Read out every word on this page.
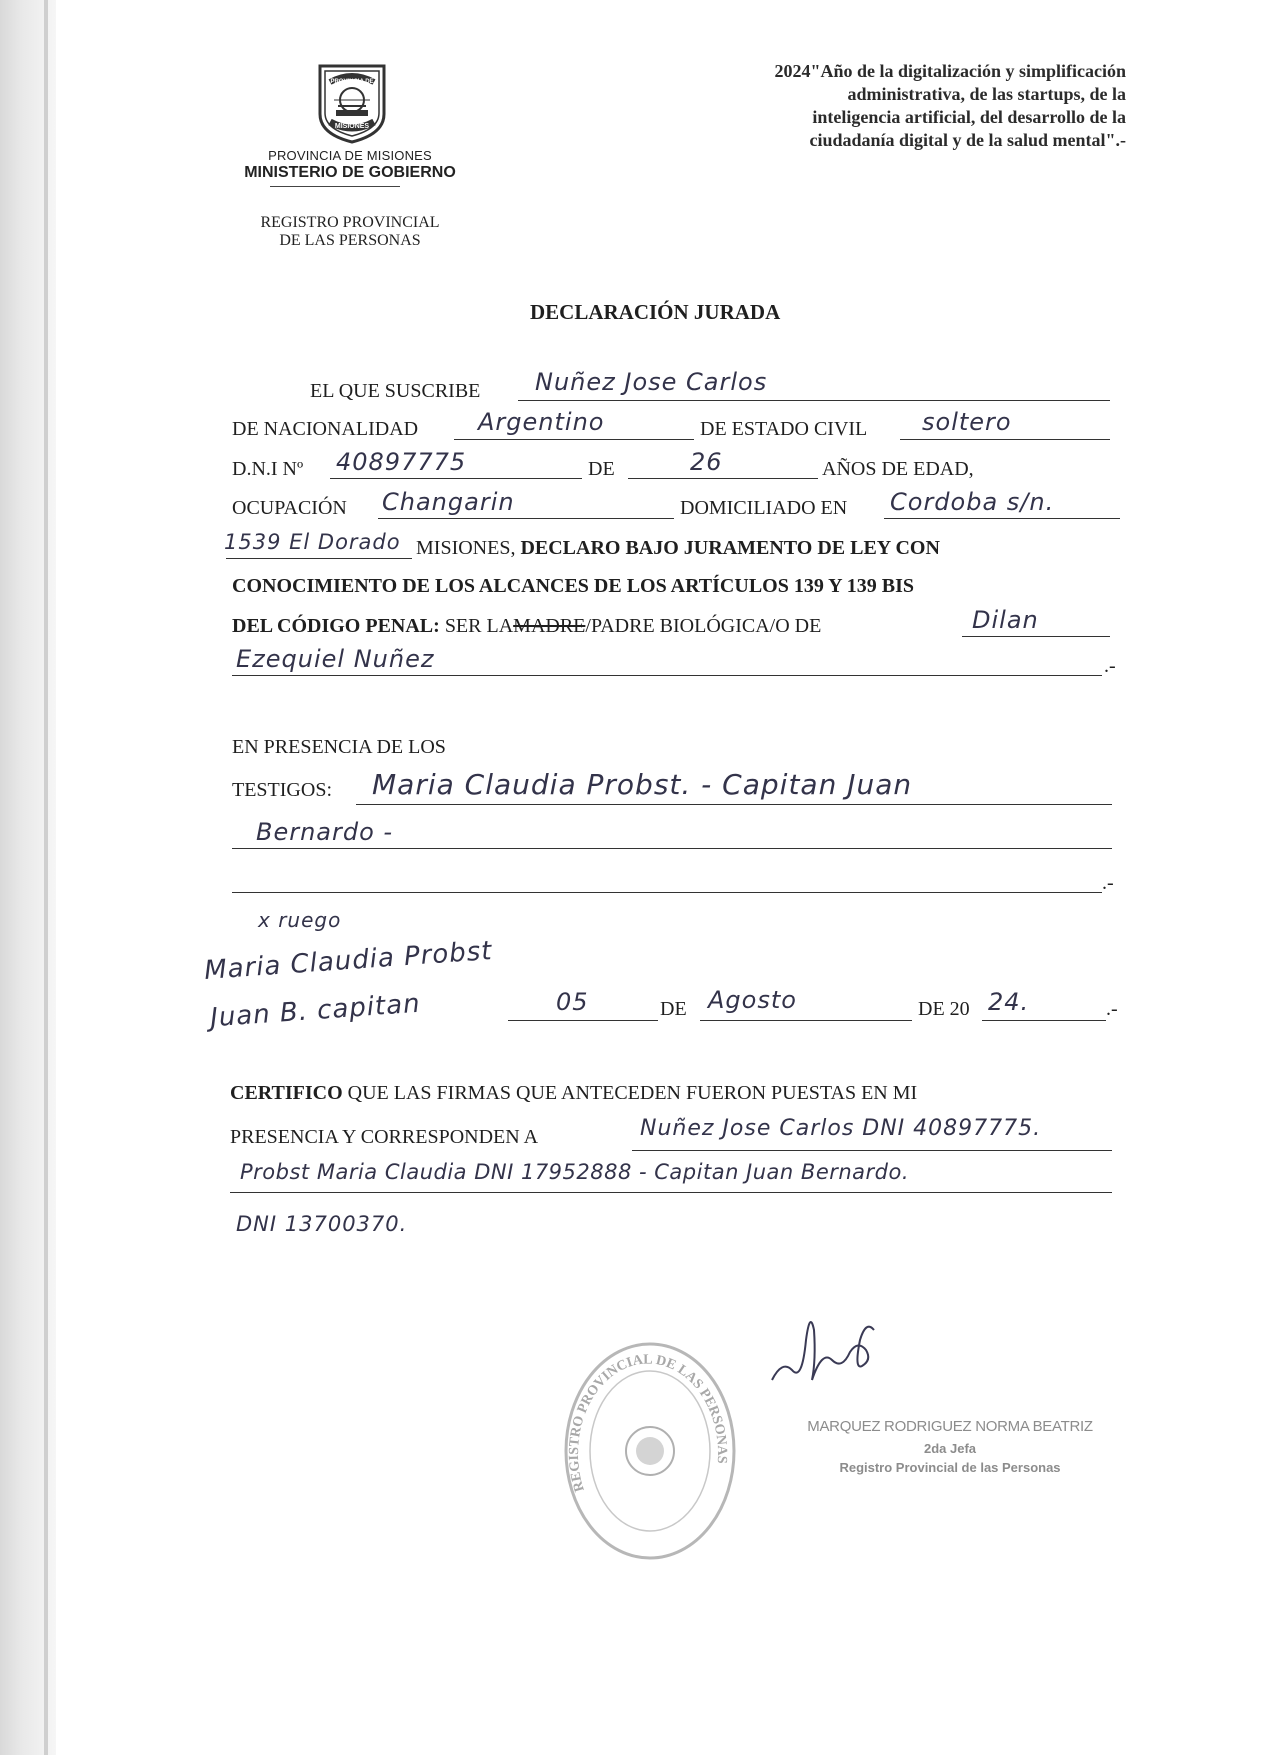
PROVINCIA DE
MISIONES
PROVINCIA DE MISIONES
MINISTERIO DE GOBIERNO
REGISTRO PROVINCIAL
DE LAS PERSONAS
2024"Año de la digitalización y simplificación
administrativa, de las startups, de la
inteligencia artificial, del desarrollo de la
ciudadanía digital y de la salud mental".-
DECLARACIÓN JURADA
EL QUE SUSCRIBE Nuñez Jose Carlos
DE NACIONALIDAD Argentino	DE ESTADO CIVIL soltero
D.N.I Nº 40897775	DE	26	AÑOS DE EDAD,
OCUPACIÓN Changarin	DOMICILIADO EN Cordoba s/n.
1539 El Dorado MISIONES, DECLARO BAJO JURAMENTO DE LEY CON
CONOCIMIENTO DE LOS ALCANCES DE LOS ARTÍCULOS 139 Y 139 BIS
DEL CÓDIGO PENAL: SER LAMADRE/PADRE BIOLÓGICA/O DE	Dilan
Ezequiel Nuñez	.-
EN PRESENCIA DE LOS
TESTIGOS: Maria Claudia Probst. - Capitan Juan
Bernardo -
.-
x ruego
Maria Claudia Probst
Juan B. capitan	05	DE Agosto	DE 20 24.	.-
CERTIFICO QUE LAS FIRMAS QUE ANTECEDEN FUERON PUESTAS EN MI
PRESENCIA Y CORRESPONDEN A	Nuñez Jose Carlos DNI 40897775.
Probst Maria Claudia DNI 17952888 - Capitan Juan Bernardo.
DNI 13700370.
REGISTRO PROVINCIAL DE LAS PERSONAS
MARQUEZ RODRIGUEZ NORMA BEATRIZ
2da Jefa
Registro Provincial de las Personas
